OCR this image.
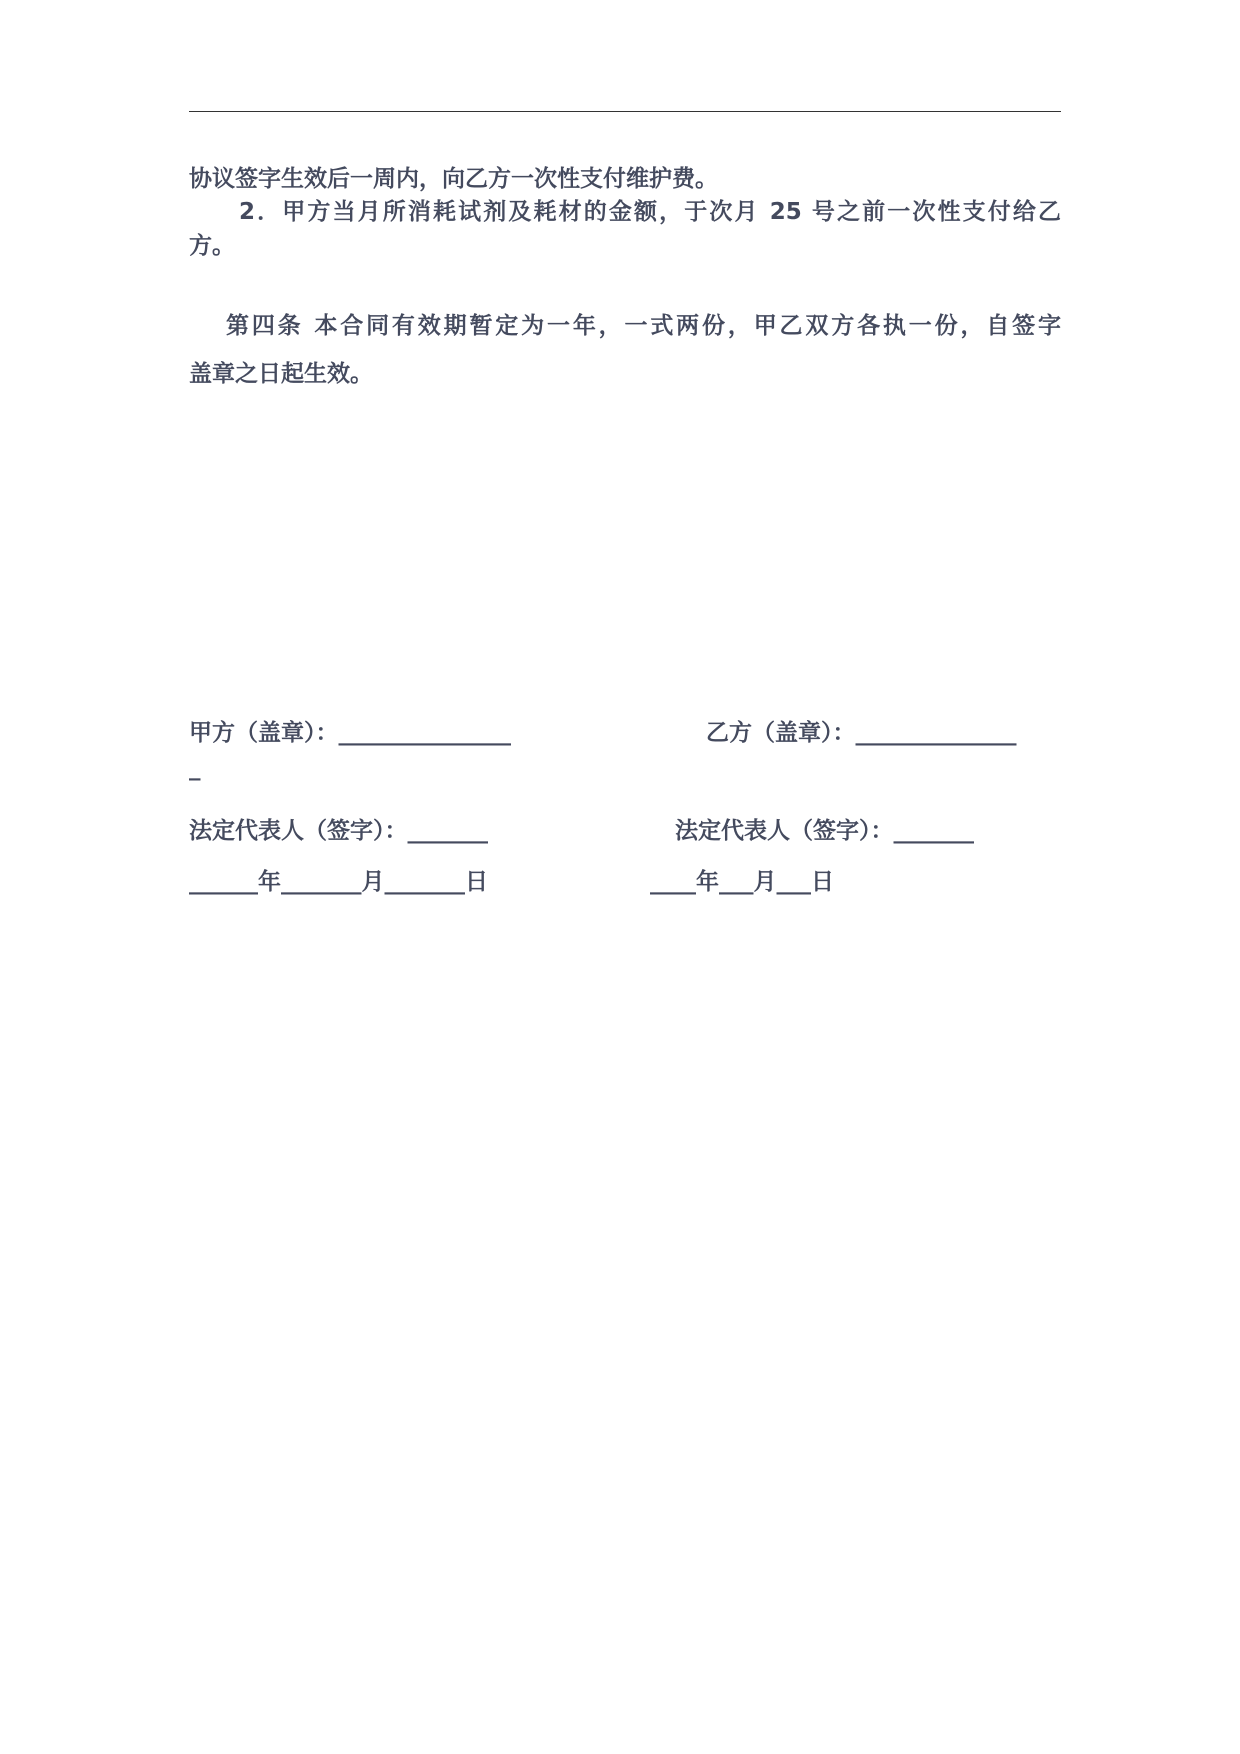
协议签字生效后一周内，向乙方一次性支付维护费。
2．甲方当月所消耗试剂及耗材的金额，于次月 25 号之前一次性支付给乙
方。
第四条 本合同有效期暂定为一年，一式两份，甲乙双方各执一份，自签字
盖章之日起生效。
甲方（盖章）：_______________	乙方（盖章）：______________
_
法定代表人（签字）：_______	法定代表人（签字）：_______
______年_______月_______日	____年___月___日
